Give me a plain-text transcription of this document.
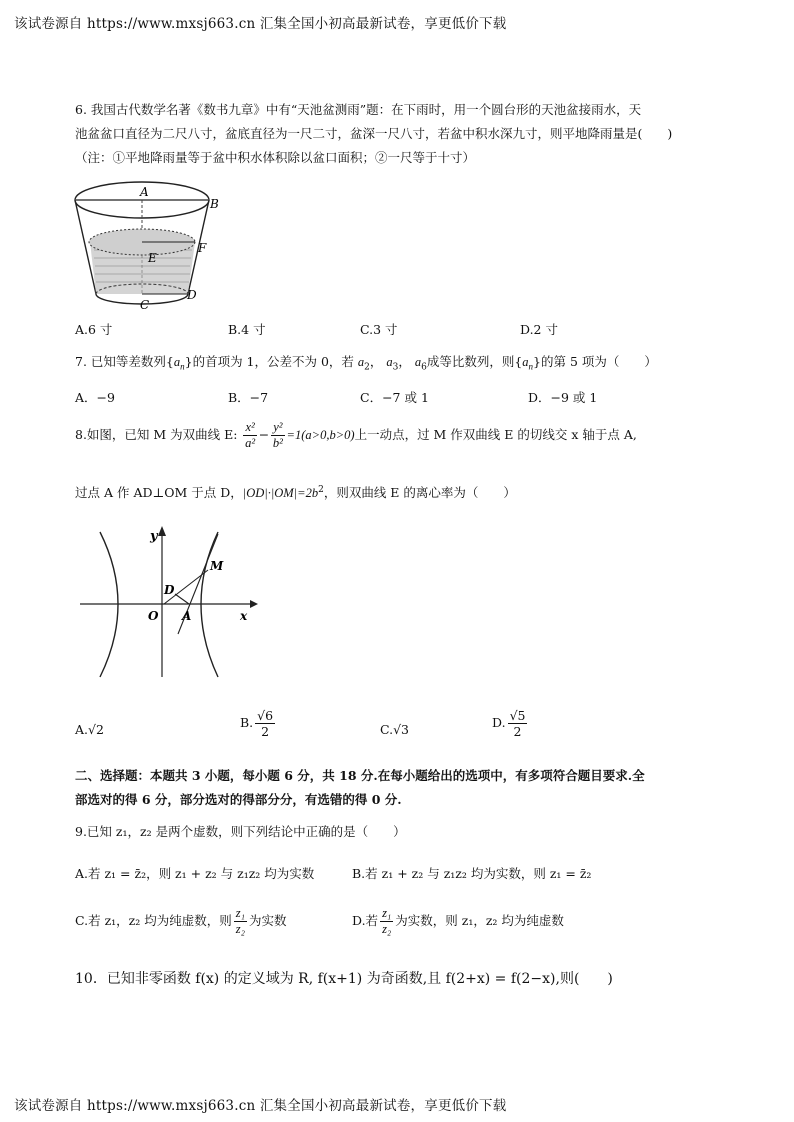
该试卷源自 https://www.mxsj663.cn 汇集全国小初高最新试卷，享更低价下载
6. 我国古代数学名著《数书九章》中有“天池盆测雨”题：在下雨时，用一个圆台形的天池盆接雨水，天
池盆盆口直径为二尺八寸，盆底直径为一尺二寸，盆深一尺八寸，若盆中积水深九寸，则平地降雨量是(　　)
（注：①平地降雨量等于盆中积水体积除以盆口面积；②一尺等于十寸）
A
B
E
F
C
D
A.6 寸	B.4 寸	C.3 寸	D.2 寸
7. 已知等差数列$\{a_n\}$的首项为 1，公差不为 0，若 $a_2$， $a_3$， $a_6$成等比数列，则$\{a_n\}$的第 5 项为（　　）
A．−9	B．−7	C．−7 或 1	D．−9 或 1
8.如图，已知 M 为双曲线 E: $\frac{\text{x²}}{\text{a²}} - \frac{\text{y²}}{\text{b²}} =1(a>0,b>0)$上一动点，过 M 作双曲线 E 的切线交 x 轴于点 A,
过点 A 作 AD⊥OM 于点 D，$|OD|\cdot|OM|=2b^2$，则双曲线 E 的离心率为（　　）
y
M
D
O A	x
A.√2	B. $\frac{√6}{2}$	C.√3	D. $\frac{√5}{2}$
二、选择题：本题共 3 小题，每小题 6 分，共 18 分.在每小题给出的选项中，有多项符合题目要求.全
部选对的得 6 分，部分选对的得部分分，有选错的得 0 分.
9.已知 z₁，z₂ 是两个虚数，则下列结论中正确的是（　　）
A.若 z₁ = z̄₂，则 z₁ + z₂ 与 z₁z₂ 均为实数	B.若 z₁ + z₂ 与 z₁z₂ 均为实数，则 z₁ = z̄₂
C.若 z₁，z₂ 均为纯虚数，则 $\frac{\text{z₁}}{\text{z₂}}$ 为实数	D.若 $\frac{\text{z₁}}{\text{z₂}}$ 为实数，则 z₁，z₂ 均为纯虚数
10．已知非零函数 f(x) 的定义域为 R, f(x+1) 为奇函数,且 f(2+x) = f(2−x),则(　　)
该试卷源自 https://www.mxsj663.cn 汇集全国小初高最新试卷，享更低价下载
